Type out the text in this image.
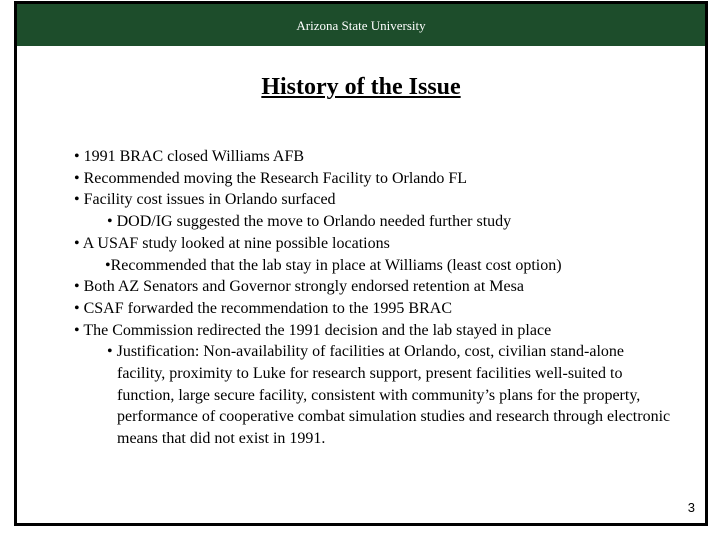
Arizona State University
History of the Issue

• 1991 BRAC closed Williams AFB

• Recommended moving the Research Facility to Orlando FL

• Facility cost issues in Orlando surfaced

• DOD/IG suggested the move to Orlando needed further study

• A USAF study looked at nine possible locations

•Recommended that the lab stay in place at Williams (least cost option)

• Both AZ Senators and Governor strongly endorsed retention at Mesa

• CSAF forwarded the recommendation to the 1995 BRAC

• The Commission redirected the 1991 decision and the lab stayed in place

• Justification: Non-availability of facilities at Orlando, cost, civilian stand-alone facility, proximity to Luke for research support, present facilities well-suited to function, large secure facility, consistent with community’s plans for the property, performance of cooperative combat simulation studies and research through electronic means that did not exist in 1991.

3
